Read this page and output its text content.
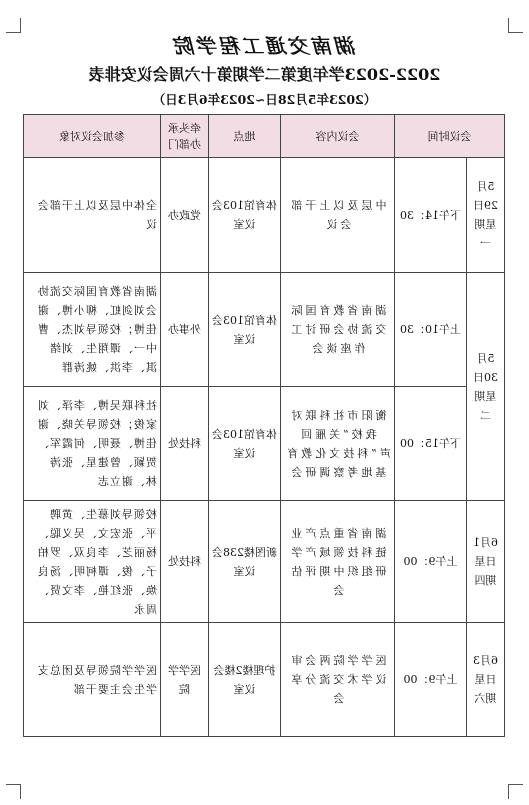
湖南交通工程学院
2022-2023学年度第二学期第十六周会议安排表
（2023年5月28日~2023年6月3日）
会议时间		会议内容	地点	牵头承办部门	参加会议对象
5月29日星期一	下午14：30	中层及以上干部会议	体育馆103会议室	党政办	全体中层及以上干部会议
5月30日星期二	上午10：30	湖南省教育国际交流协会研讨工作座谈会	体育馆103会议室	外事办	湖南省教育国际交流协会刘剑虹、柳小博、谢佳博；校领导刘杰、曹中一、谭翔生、刘绪淇、李洪、姚涛群
	下午15：00	衡阳市社科联对我校“关雁回声”科技文化教育基地考察调研会	体育馆103会议室	科技处	社科联吴博、李泽、刘家俊；校领导关晓、谢佳博、聂明、何霞军、贺颖、曾建星、张涛林、谢立志
6月1日星期四	上午9：00	湖南省重点产业链科技领域产学研组织中期评估会	新图楼238会议室	科技处	校领导刘慕生、黄聘平、张宏文、吴义聪、杨丽芝、李良双、罗柏子、俊、谭柯明、汤良焕、张红艳、李文贤、周永
6月3日星期六	上午9：00	医学学院两会审议学术交流分享会	护理楼2楼会议室	医学学院	医学学院领导及团总支学生会主要干部
